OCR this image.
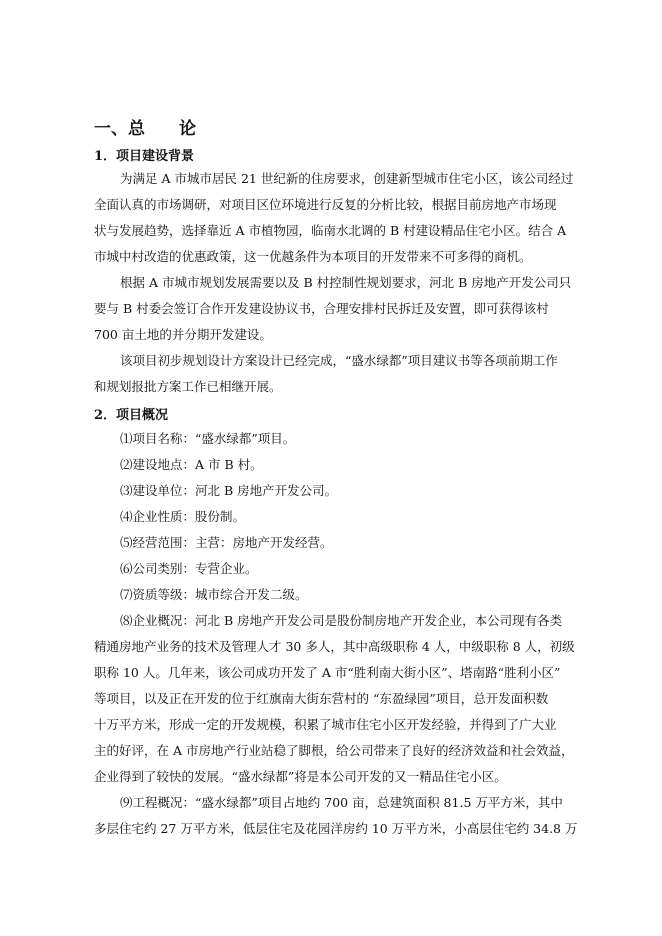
一、总　　论
1．项目建设背景
为满足 A 市城市居民 21 世纪新的住房要求，创建新型城市住宅小区，该公司经过
全面认真的市场调研，对项目区位环境进行反复的分析比较，根据目前房地产市场现
状与发展趋势，选择靠近 A 市植物园，临南水北调的 B 村建设精品住宅小区。结合 A
市城中村改造的优惠政策，这一优越条件为本项目的开发带来不可多得的商机。
根据 A 市城市规划发展需要以及 B 村控制性规划要求，河北 B 房地产开发公司只
要与 B 村委会签订合作开发建设协议书，合理安排村民拆迁及安置，即可获得该村
700 亩土地的并分期开发建设。
该项目初步规划设计方案设计已经完成，“盛水绿都”项目建议书等各项前期工作
和规划报批方案工作已相继开展。
2．项目概况
⑴项目名称：“盛水绿都”项目。
⑵建设地点：A 市 B 村。
⑶建设单位：河北 B 房地产开发公司。
⑷企业性质：股份制。
⑸经营范围：主营：房地产开发经营。
⑹公司类别：专营企业。
⑺资质等级：城市综合开发二级。
⑻企业概况：河北 B 房地产开发公司是股份制房地产开发企业，本公司现有各类
精通房地产业务的技术及管理人才 30 多人，其中高级职称 4 人，中级职称 8 人，初级
职称 10 人。几年来，该公司成功开发了 A 市“胜利南大街小区”、塔南路“胜利小区”
等项目，以及正在开发的位于红旗南大街东营村的 “东盈绿园”项目，总开发面积数
十万平方米，形成一定的开发规模，积累了城市住宅小区开发经验，并得到了广大业
主的好评，在 A 市房地产行业站稳了脚根，给公司带来了良好的经济效益和社会效益，
企业得到了较快的发展。“盛水绿都”将是本公司开发的又一精品住宅小区。
⑼工程概况：“盛水绿都”项目占地约 700 亩，总建筑面积 81.5 万平方米，其中
多层住宅约 27 万平方米，低层住宅及花园洋房约 10 万平方米，小高层住宅约 34.8 万
